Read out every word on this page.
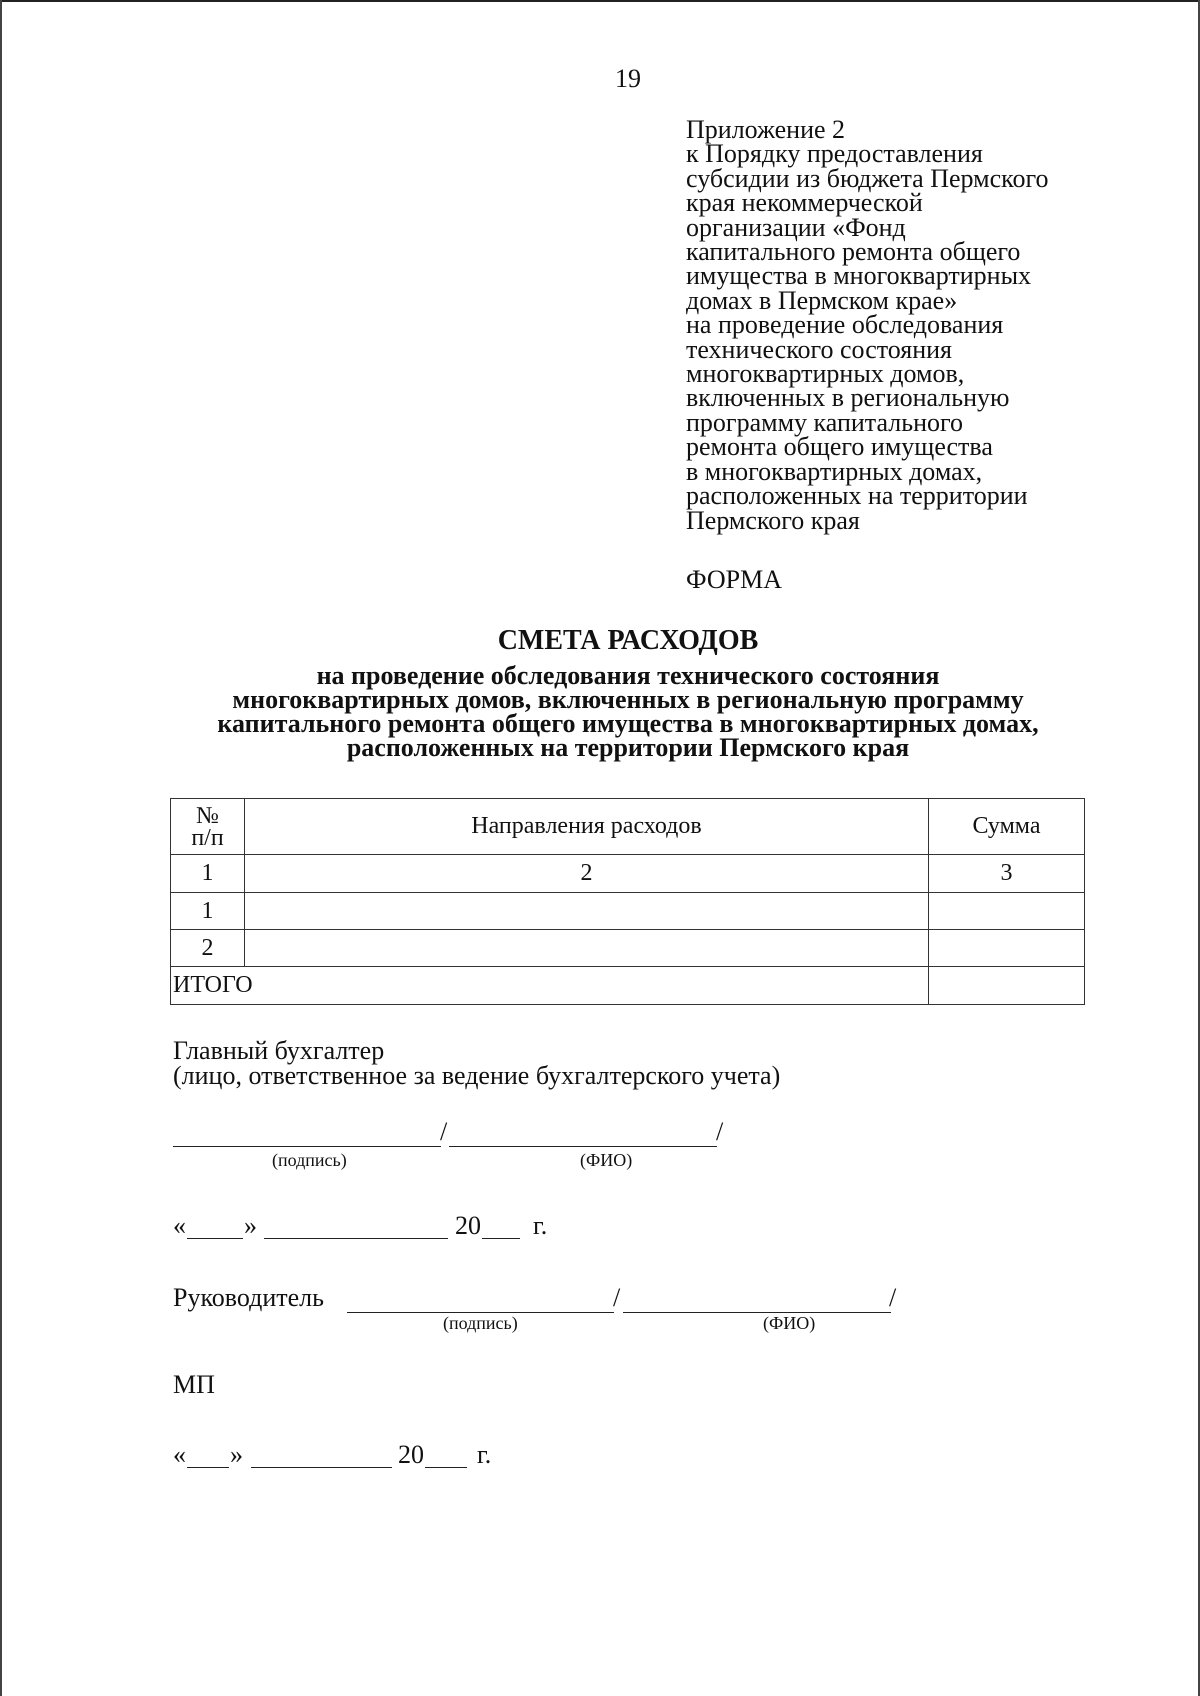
19
Приложение 2
к Порядку предоставления
субсидии из бюджета Пермского
края некоммерческой
организации «Фонд
капитального ремонта общего
имущества в многоквартирных
домах в Пермском крае»
на проведение обследования
технического состояния
многоквартирных домов,
включенных в региональную
программу капитального
ремонта общего имущества
в многоквартирных домах,
расположенных на территории
Пермского края
ФОРМА
СМЕТА РАСХОДОВ
на проведение обследования технического состояния
многоквартирных домов, включенных в региональную программу
капитального ремонта общего имущества в многоквартирных домах,
расположенных на территории Пермского края
№
п/п	Направления расходов	Сумма
1	2	3
1		
2		
ИТОГО		
Главный бухгалтер
(лицо, ответственное за ведение бухгалтерского учета)
/	/
(подпись)	(ФИО)
« »	20 г.
Руководитель	/	/
(подпись)	(ФИО)
МП
« »	20 г.
